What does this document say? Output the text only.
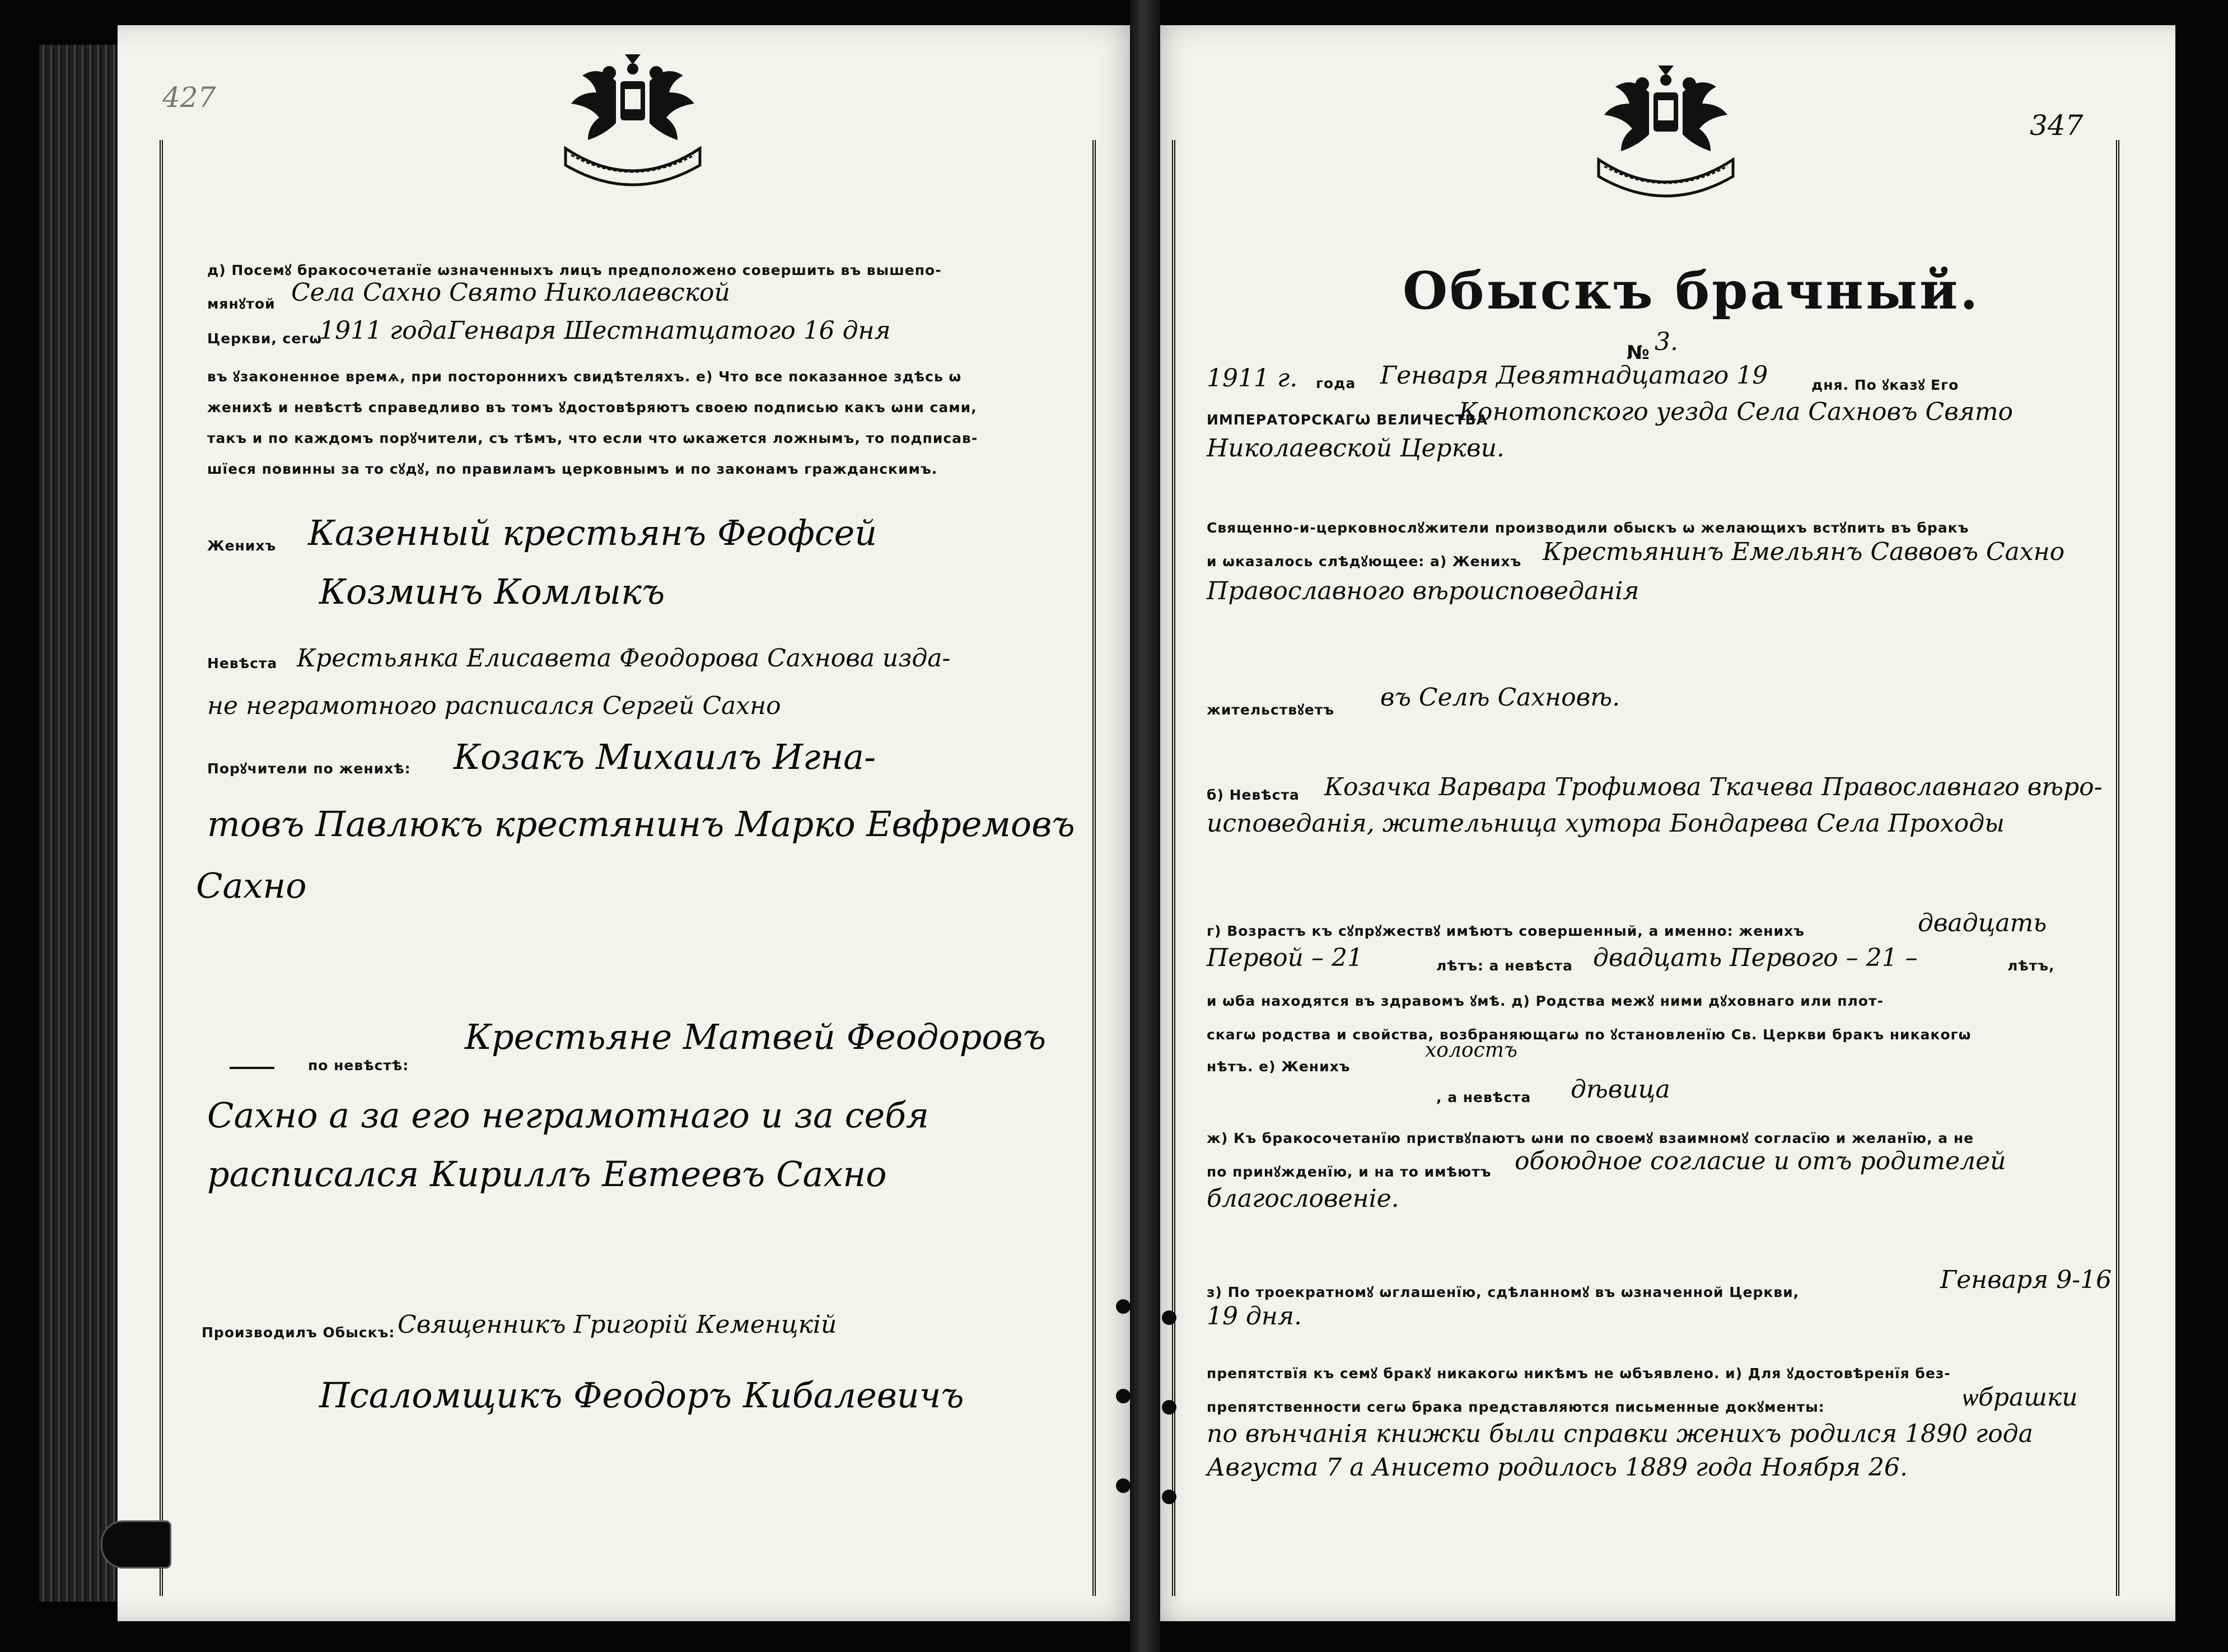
427
д) Посемꙋ бракосочетанїе ѡзначенныхъ лицъ предположено совершить въ вышепо-
мянꙋтой Села Сахно Свято Николаевской
Церкви, сегѡ
1911 года Генваря Шестнатцатого 16 дня
въ ꙋзаконенное времѧ, при постороннихъ свидѣтеляхъ. е) Что все показанное здѣсь ѡ
женихѣ и невѣстѣ справедливо въ томъ ꙋдостовѣряютъ своею подписью какъ ѡни сами,
такъ и по каждомъ порꙋчители, съ тѣмъ, что если что ѡкажется ложнымъ, то подписав-
шїеся повинны за то сꙋдꙋ, по правиламъ церковнымъ и по законамъ гражданскимъ.
Женихъ Казенный крестьянъ Феофсей
Козминъ Комлыкъ
Невѣста Крестьянка Елисавета Феодорова Сахнова изда-
не неграмотного расписался Сергей Сахно
Порꙋчители по женихѣ: Козакъ Михаилъ Игна-
товъ Павлюкъ крестянинъ Марко Евфремовъ
Сахно
по невѣстѣ:
Крестьяне Матвей Феодоровъ
Сахно а за его неграмотнаго и за себя
расписался Кириллъ Евтеевъ Сахно
Производилъ Обыскъ: Священникъ Григорій Кеменцкій
Псаломщикъ Феодоръ Кибалевичъ
347
Обыскъ брачный.
№ 3.
1911 г. года Генваря Девятнадцатаго 19	дня. По ꙋказꙋ Его
ИМПЕРАТОРСКАГѠ ВЕЛИЧЕСТВА
Конотопского уезда Села Сахновъ Свято
Николаевской Церкви.
Священно-и-церковнослꙋжители производили обыскъ ѡ желающихъ встꙋпить въ бракъ
и ѡказалось слѣдꙋющее: а) Женихъ Крестьянинъ Емельянъ Саввовъ Сахно
Православного вѣроисповеданія
жительствꙋетъ въ Селѣ Сахновѣ.
б) Невѣста Козачка Варвара Трофимова Ткачева Православнаго вѣро-
исповеданія, жительница хутора Бондарева Села Проходы
г) Возрастъ къ сꙋпрꙋжествꙋ имѣютъ совершенный, а именно: женихъ	двадцать
Первой – 21	лѣтъ: а невѣста двадцать Первого – 21 –	лѣтъ,
и ѡба находятся въ здравомъ ꙋмѣ. д) Родства межꙋ ними дꙋховнаго или плот-
скагѡ родства и свойства, возбраняющагѡ по ꙋстановленїю Св. Церкви бракъ никакогѡ
нѣтъ. е) Женихъ
холостъ
, а невѣста дѣвица
ж) Къ бракосочетанїю приствꙋпаютъ ѡни по своемꙋ взаимномꙋ согласїю и желанїю, а не
по принꙋжденїю, и на то имѣютъ обоюдное согласие и отъ родителей
благословеніе.
з) По троекратномꙋ ѡглашенїю, сдѣланномꙋ въ ѡзначенной Церкви,	Генваря 9-16
19 дня.
препятствїя къ семꙋ бракꙋ никакогѡ никѣмъ не ѡбъявлено. и) Для ꙋдостовѣренїя без-
препятственности сегѡ брака представляются письменные докꙋменты:	ѡбрашки
по вѣнчанія книжки были справки женихъ родился 1890 года
Августа 7 а Анисето родилось 1889 года Ноября 26.
